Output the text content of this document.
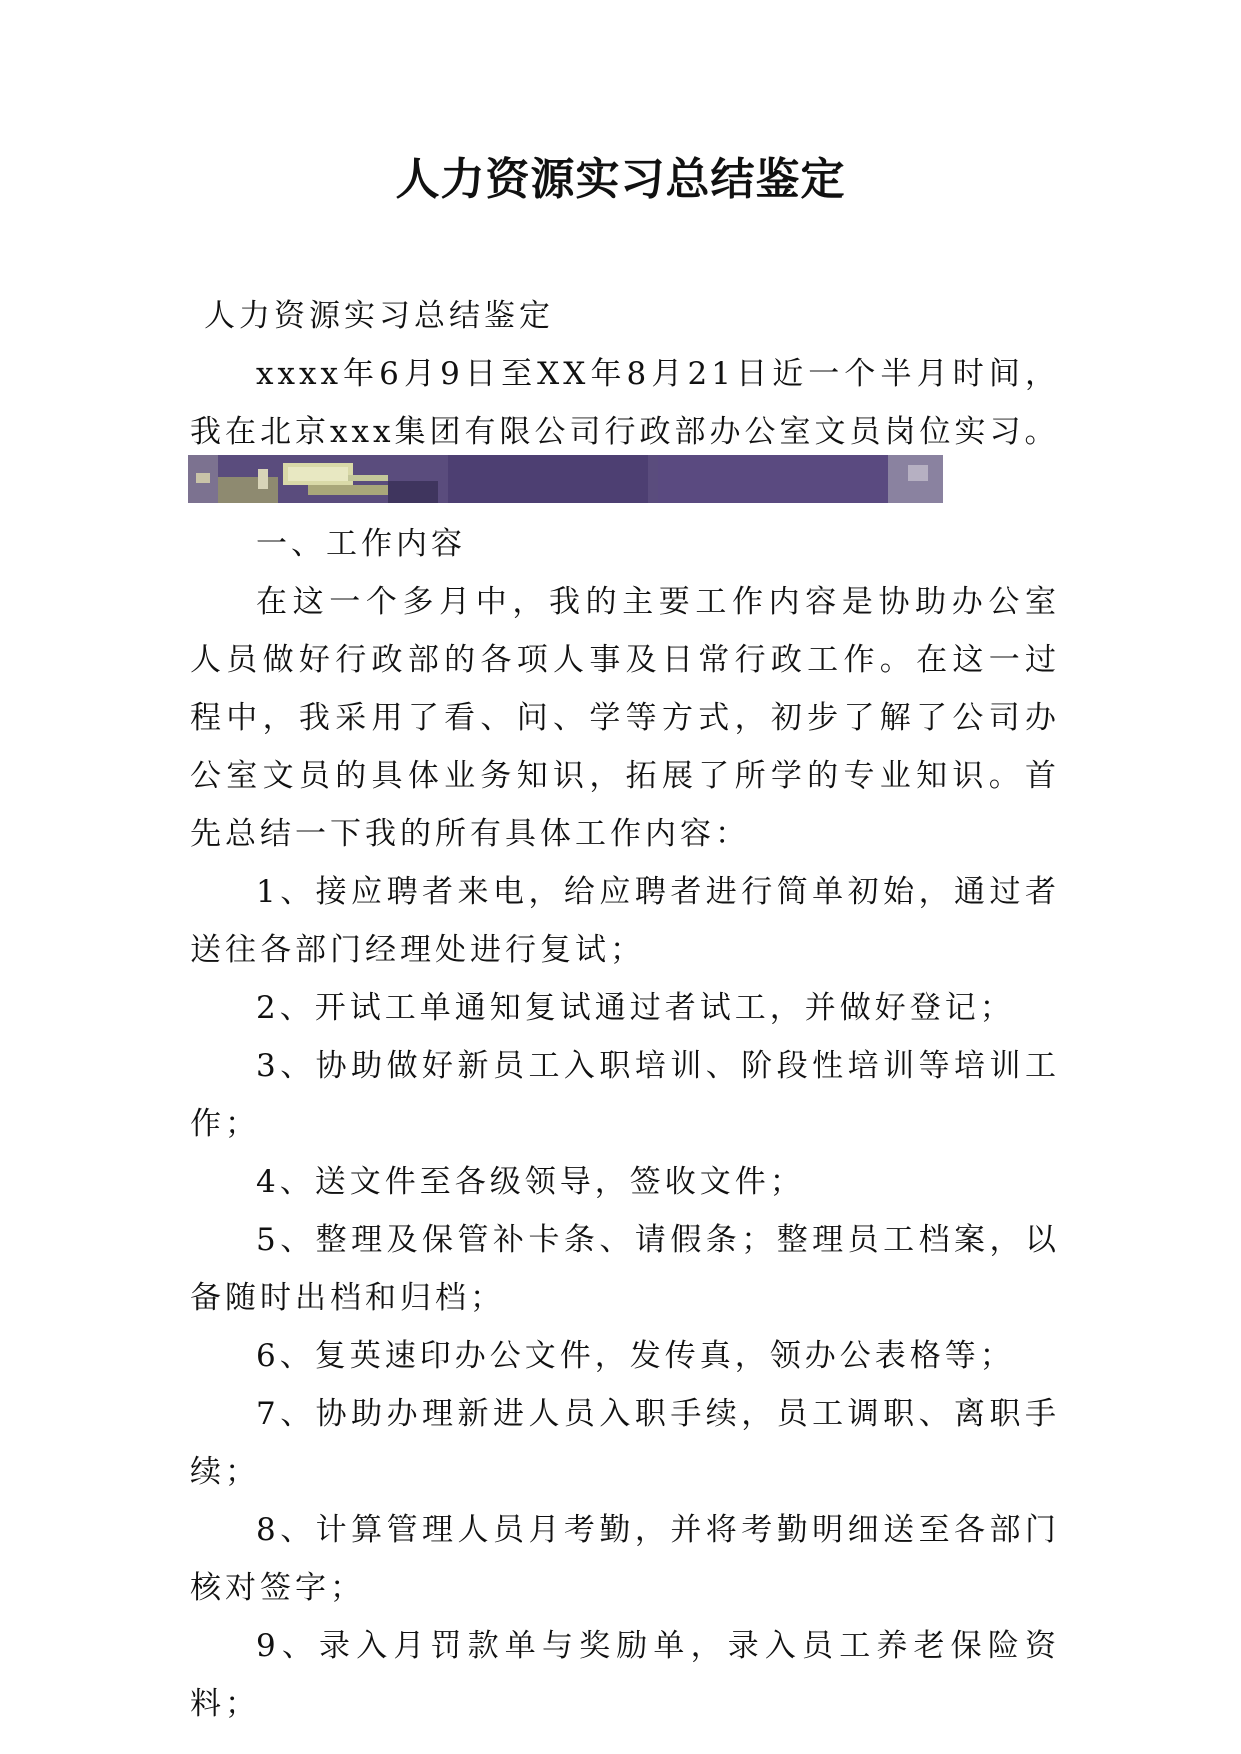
人力资源实习总结鉴定

人力资源实习总结鉴定

xxxx年6月9日至XX年8月21日近一个半月时间，我在北京xxx集团有限公司行政部办公室文员岗位实习。

一、工作内容

在这一个多月中，我的主要工作内容是协助办公室人员做好行政部的各项人事及日常行政工作。在这一过程中，我采用了看、问、学等方式，初步了解了公司办公室文员的具体业务知识，拓展了所学的专业知识。首先总结一下我的所有具体工作内容：

1、接应聘者来电，给应聘者进行简单初始，通过者送往各部门经理处进行复试；

2、开试工单通知复试通过者试工，并做好登记；

3、协助做好新员工入职培训、阶段性培训等培训工作；

4、送文件至各级领导，签收文件；

5、整理及保管补卡条、请假条；整理员工档案，以备随时出档和归档；

6、复英速印办公文件，发传真，领办公表格等；

7、协助办理新进人员入职手续，员工调职、离职手续；

8、计算管理人员月考勤，并将考勤明细送至各部门核对签字；

9、录入月罚款单与奖励单，录入员工养老保险资料；
